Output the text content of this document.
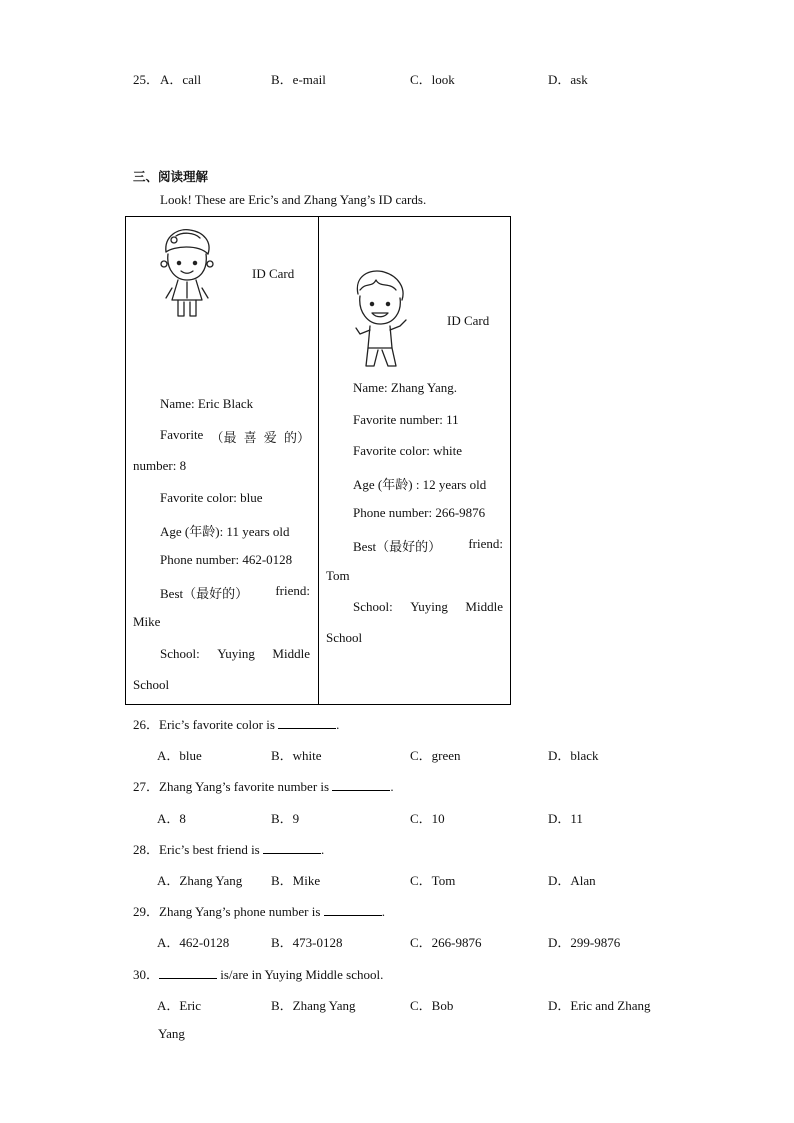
25． A．call	B．e-mail	C．look	D．ask
三、阅读理解
Look! These are Eric’s and Zhang Yang’s ID cards.
ID Card
Name: Eric Black
Favorite （最 喜 爱 的）
number: 8
Favorite color: blue
Age (年龄): 11 years old
Phone number: 462-0128
Best（最好的） friend:
Mike
School: Yuying Middle
School
ID Card
Name: Zhang Yang.
Favorite number: 11
Favorite color: white
Age (年龄) : 12 years old
Phone number: 266-9876
Best（最好的） friend:
Tom
School: Yuying Middle
School
26．Eric’s favorite color is	.
A．blue	B．white	C．green	D．black
27．Zhang Yang’s favorite number is	.
A．8	B．9	C．10	D．11
28．Eric’s best friend is	.
A．Zhang Yang B．Mike	C．Tom	D．Alan
29．Zhang Yang’s phone number is	.
A．462-0128	B．473-0128	C．266-9876	D．299-9876
30．	is/are in Yuying Middle school.
A．Eric	B．Zhang Yang	C．Bob	D．Eric and Zhang
Yang
